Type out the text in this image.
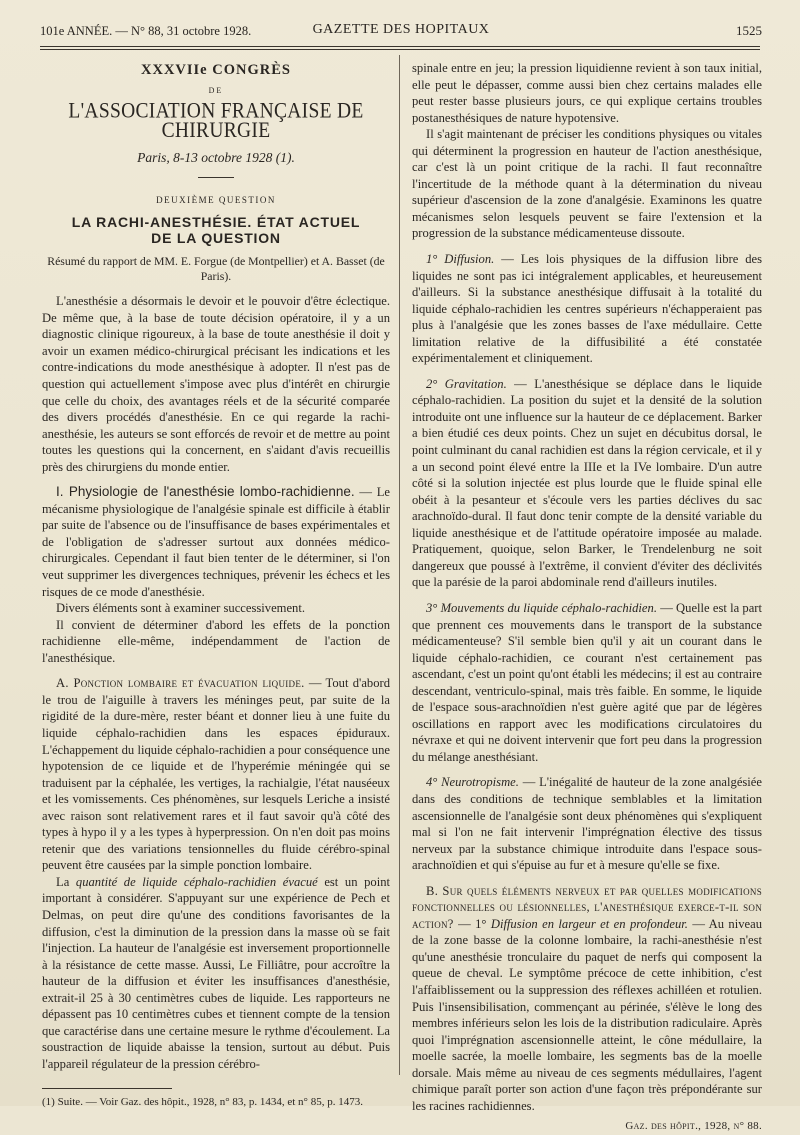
101e ANNÉE. — N° 88, 31 octobre 1928.	GAZETTE DES HOPITAUX	1525
XXXVIIe CONGRÈS
DE
L'ASSOCIATION FRANÇAISE DE CHIRURGIE
Paris, 8-13 octobre 1928 (1).
DEUXIÈME QUESTION
LA RACHI-ANESTHÉSIE. ÉTAT ACTUEL
DE LA QUESTION
Résumé du rapport de MM. E. Forgue (de Montpellier) et A. Basset (de Paris).

L'anesthésie a désormais le devoir et le pouvoir d'être éclectique. De même que, à la base de toute décision opératoire, il y a un diagnostic clinique rigoureux, à la base de toute anesthésie il doit y avoir un examen médico-chirurgical précisant les indications et les contre-indications du mode anesthésique à adopter. Il n'est pas de question qui actuellement s'impose avec plus d'intérêt en chirurgie que celle du choix, des avantages réels et de la sécurité comparée des divers procédés d'anesthésie. En ce qui regarde la rachi-anesthésie, les auteurs se sont efforcés de revoir et de mettre au point toutes les questions qui la concernent, en s'aidant d'avis recueillis près des chirurgiens du monde entier.

I. Physiologie de l'anesthésie lombo-rachidienne. — Le mécanisme physiologique de l'analgésie spinale est difficile à établir par suite de l'absence ou de l'insuffisance de bases expérimentales et de l'obligation de s'adresser surtout aux données médico-chirurgicales. Cependant il faut bien tenter de le déterminer, si l'on veut supprimer les divergences techniques, prévenir les échecs et les risques de ce mode d'anesthésie.

Divers éléments sont à examiner successivement.

Il convient de déterminer d'abord les effets de la ponction rachidienne elle-même, indépendamment de l'action de l'anesthésique.

A. Ponction lombaire et évacuation liquide. — Tout d'abord le trou de l'aiguille à travers les méninges peut, par suite de la rigidité de la dure-mère, rester béant et donner lieu à une fuite du liquide céphalo-rachidien dans les espaces épiduraux. L'échappement du liquide céphalo-rachidien a pour conséquence une hypotension de ce liquide et de l'hyperémie méningée qui se traduisent par la céphalée, les vertiges, la rachialgie, l'état nauséeux et les vomissements. Ces phénomènes, sur lesquels Leriche a insisté avec raison sont relativement rares et il faut savoir qu'à côté des types à hypo il y a les types à hyperpression. On n'en doit pas moins retenir que des variations tensionnelles du fluide cérébro-spinal peuvent être causées par la simple ponction lombaire.

La quantité de liquide céphalo-rachidien évacué est un point important à considérer. S'appuyant sur une expérience de Pech et Delmas, on peut dire qu'une des conditions favorisantes de la diffusion, c'est la diminution de la pression dans la masse où se fait l'injection. La hauteur de l'analgésie est inversement proportionnelle à la résistance de cette masse. Aussi, Le Filliâtre, pour accroître la hauteur de la diffusion et éviter les insuffisances d'anesthésie, extrait-il 25 à 30 centimètres cubes de liquide. Les rapporteurs ne dépassent pas 10 centimètres cubes et tiennent compte de la tension que caractérise dans une certaine mesure le rythme d'écoulement. La soustraction de liquide abaisse la tension, surtout au début. Puis l'appareil régulateur de la pression cérébro-

(1) Suite. — Voir Gaz. des hôpit., 1928, n° 83, p. 1434, et n° 85, p. 1473.

spinale entre en jeu; la pression liquidienne revient à son taux initial, elle peut le dépasser, comme aussi bien chez certains malades elle peut rester basse plusieurs jours, ce qui explique certains troubles postanesthésiques de nature hypotensive.

Il s'agit maintenant de préciser les conditions physiques ou vitales qui déterminent la progression en hauteur de l'action anesthésique, car c'est là un point critique de la rachi. Il faut reconnaître l'incertitude de la méthode quant à la détermination du niveau supérieur d'ascension de la zone d'analgésie. Examinons les quatre mécanismes selon lesquels peuvent se faire l'extension et la progression de la substance médicamenteuse dissoute.

1° Diffusion. — Les lois physiques de la diffusion libre des liquides ne sont pas ici intégralement applicables, et heureusement d'ailleurs. Si la substance anesthésique diffusait à la totalité du liquide céphalo-rachidien les centres supérieurs n'échapperaient pas plus à l'analgésie que les zones basses de l'axe médullaire. Cette limitation relative de la diffusibilité a été constatée expérimentalement et cliniquement.

2° Gravitation. — L'anesthésique se déplace dans le liquide céphalo-rachidien. La position du sujet et la densité de la solution introduite ont une influence sur la hauteur de ce déplacement. Barker a bien étudié ces deux points. Chez un sujet en décubitus dorsal, le point culminant du canal rachidien est dans la région cervicale, et il y a un second point élevé entre la IIIe et la IVe lombaire. D'un autre côté si la solution injectée est plus lourde que le fluide spinal elle obéit à la pesanteur et s'écoule vers les parties déclives du sac arachnoïdo-dural. Il faut donc tenir compte de la densité variable du liquide anesthésique et de l'attitude opératoire imposée au malade. Pratiquement, quoique, selon Barker, le Trendelenburg ne soit dangereux que poussé à l'extrême, il convient d'éviter des déclivités que la parésie de la paroi abdominale rend d'ailleurs inutiles.

3° Mouvements du liquide céphalo-rachidien. — Quelle est la part que prennent ces mouvements dans le transport de la substance médicamenteuse? S'il semble bien qu'il y ait un courant dans le liquide céphalo-rachidien, ce courant n'est certainement pas ascendant, c'est un point qu'ont établi les médecins; il est au contraire descendant, ventriculo-spinal, mais très faible. En somme, le liquide de l'espace sous-arachnoïdien n'est guère agité que par de légères oscillations en rapport avec les modifications circulatoires du névraxe et qui ne doivent intervenir que fort peu dans la progression du mélange anesthésiant.

4° Neurotropisme. — L'inégalité de hauteur de la zone analgésiée dans des conditions de technique semblables et la limitation ascensionnelle de l'analgésie sont deux phénomènes qui s'expliquent mal si l'on ne fait intervenir l'imprégnation élective des tissus nerveux par la substance chimique introduite dans l'espace sous-arachnoïdien et qui s'épuise au fur et à mesure qu'elle se fixe.

B. Sur quels éléments nerveux et par quelles modifications fonctionnelles ou lésionnelles, l'anesthésique exerce-t-il son action? — 1° Diffusion en largeur et en profondeur. — Au niveau de la zone basse de la colonne lombaire, la rachi-anesthésie n'est qu'une anesthésie tronculaire du paquet de nerfs qui composent la queue de cheval. Le symptôme précoce de cette inhibition, c'est l'affaiblissement ou la suppression des réflexes achilléen et rotulien. Puis l'insensibilisation, commençant au périnée, s'élève le long des membres inférieurs selon les lois de la distribution radiculaire. Après quoi l'imprégnation ascensionnelle atteint, le cône médullaire, la moelle sacrée, la moelle lombaire, les segments bas de la moelle dorsale. Mais même au niveau de ces segments médullaires, l'agent chimique paraît porter son action d'une façon très prépondérante sur les racines rachidiennes.

Gaz. des hôpit., 1928, n° 88.
